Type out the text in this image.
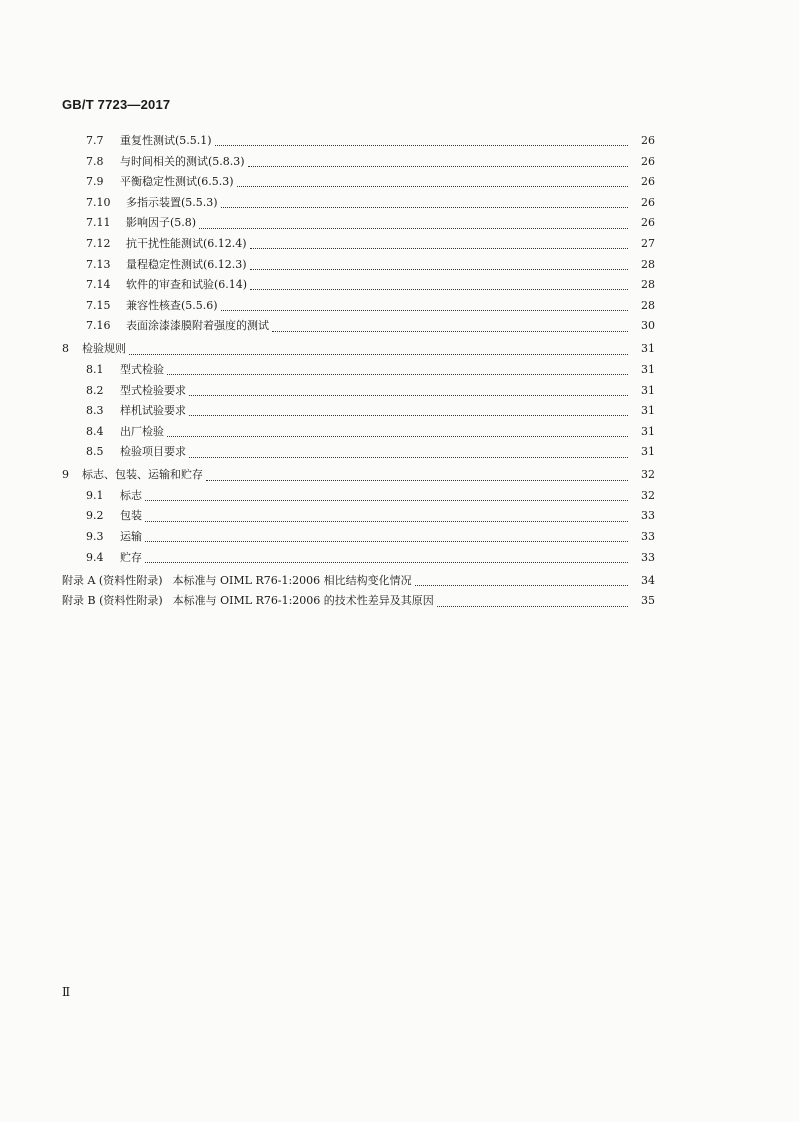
GB/T 7723—2017
7.7	重复性测试(5.5.1)	26
7.8	与时间相关的测试(5.8.3)	26
7.9	平衡稳定性测试(6.5.3)	26
7.10	多指示装置(5.5.3)	26
7.11	影响因子(5.8)	26
7.12	抗干扰性能测试(6.12.4)	27
7.13	量程稳定性测试(6.12.3)	28
7.14	软件的审查和试验(6.14)	28
7.15	兼容性核查(5.5.6)	28
7.16	表面涂漆漆膜附着强度的测试	30
8	检验规则	31
8.1	型式检验	31
8.2	型式检验要求	31
8.3	样机试验要求	31
8.4	出厂检验	31
8.5	检验项目要求	31
9	标志、包装、运输和贮存	32
9.1	标志	32
9.2	包装	33
9.3	运输	33
9.4	贮存	33
附录 A (资料性附录) 本标准与 OIML R76-1:2006 相比结构变化情况	34
附录 B (资料性附录) 本标准与 OIML R76-1:2006 的技术性差异及其原因	35
Ⅱ
